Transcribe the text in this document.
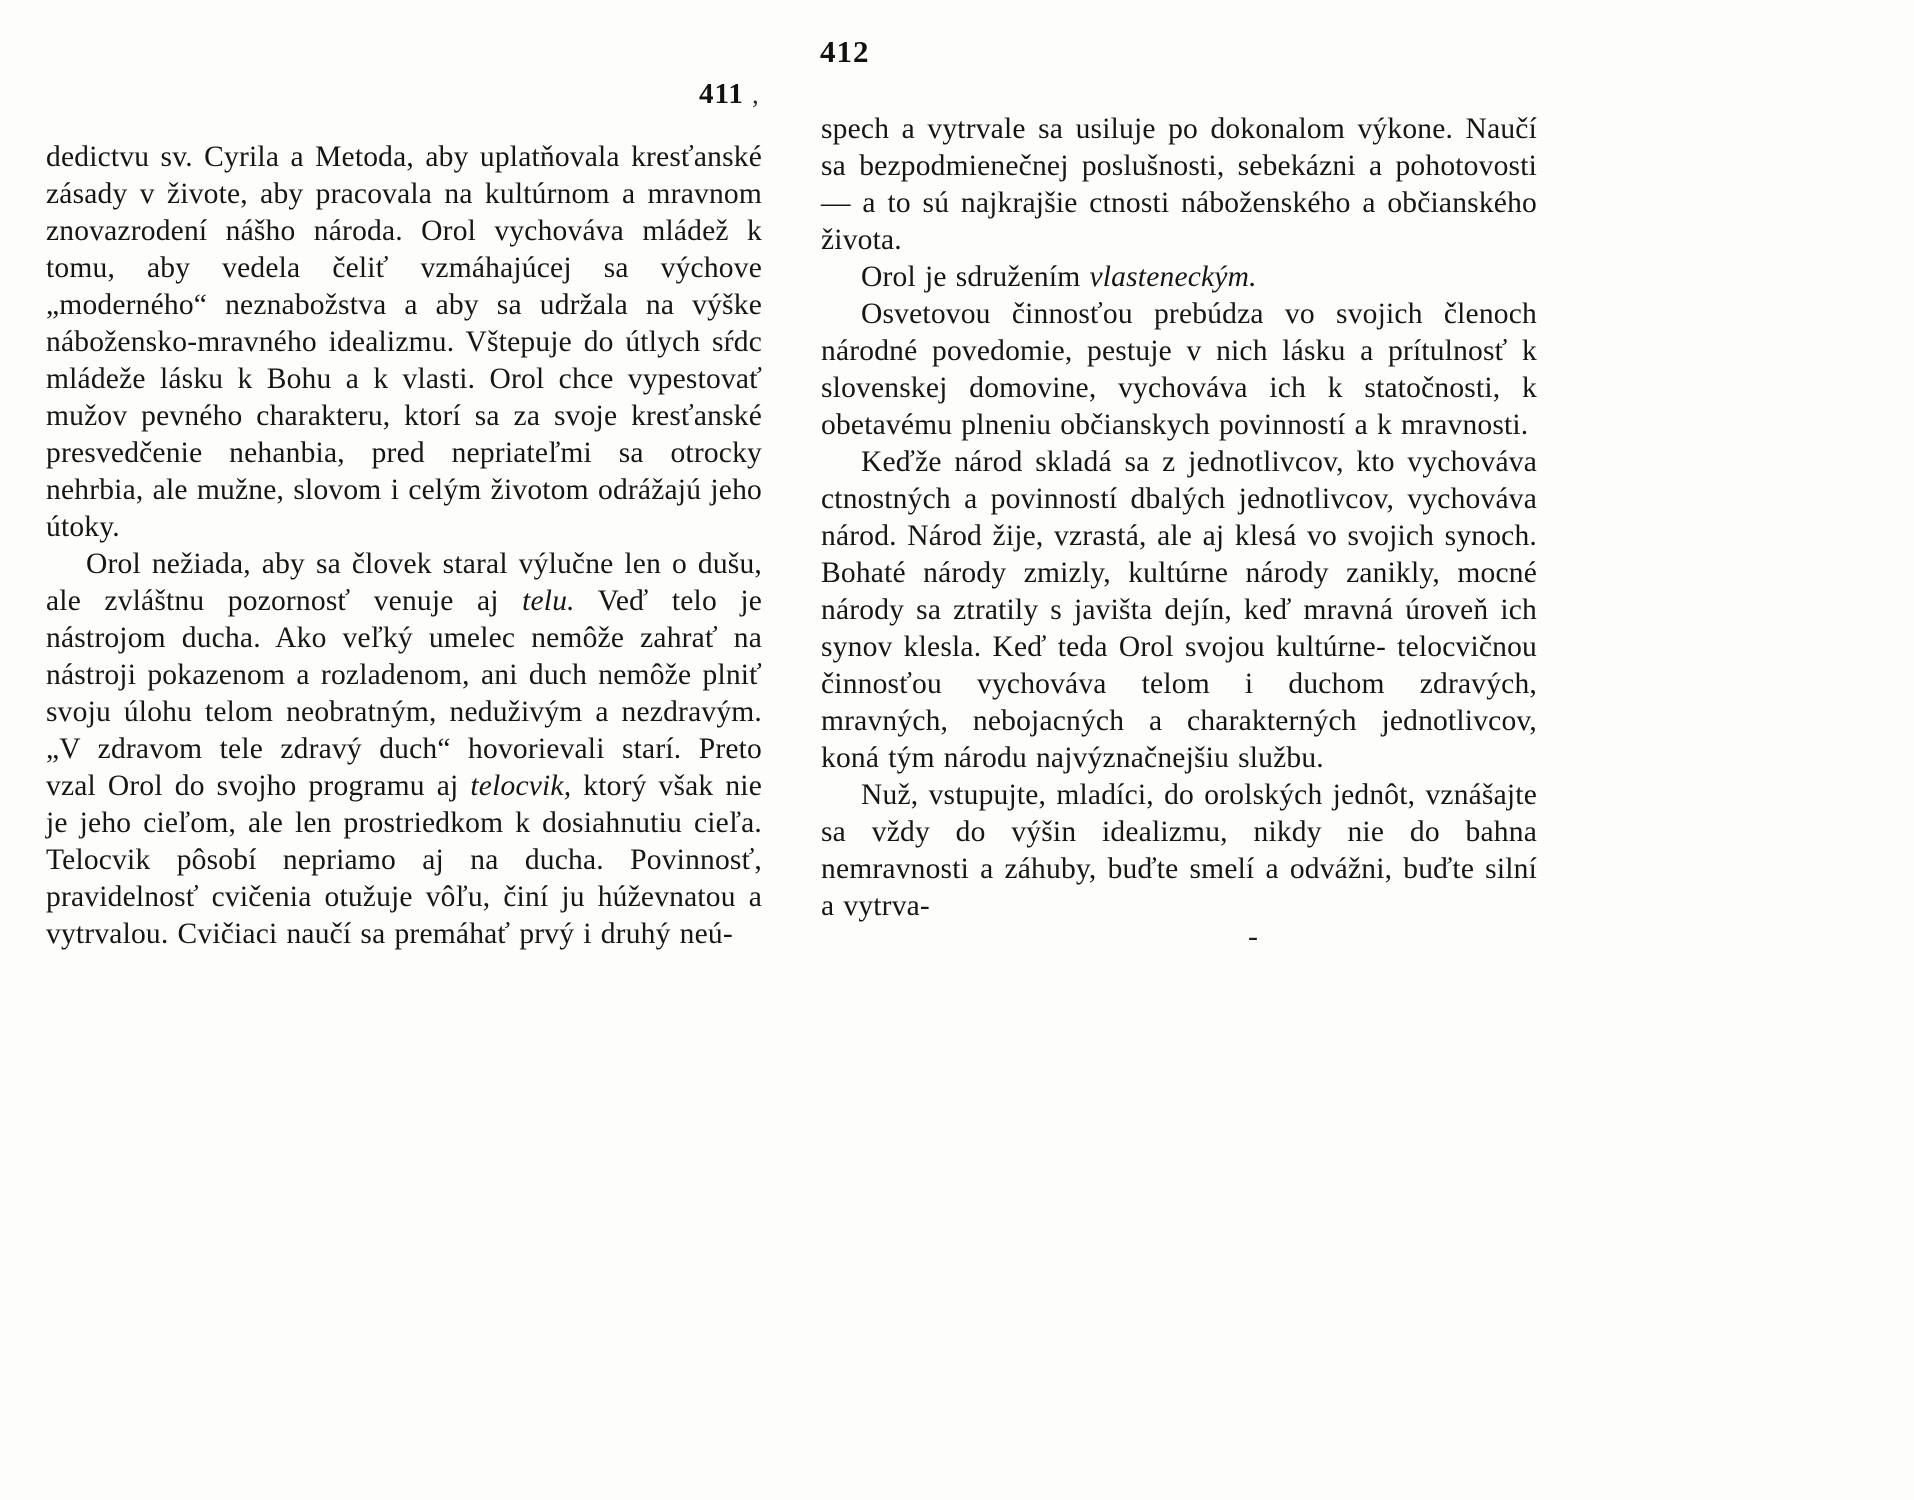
412
411 ,

dedictvu sv. Cyrila a Metoda, aby uplatňovala kresťanské zásady v živote, aby pracovala na kultúrnom a mravnom znovazrodení nášho národa. Orol vychováva mládež k tomu, aby vedela čeliť vzmáhajúcej sa výchove „moderného“ neznabožstva a aby sa udržala na výške nábožensko-mravného idealizmu. Vštepuje do útlych sŕdc mládeže lásku k Bohu a k vlasti. Orol chce vypestovať mužov pevného charakteru, ktorí sa za svoje kresťanské presvedčenie nehanbia, pred nepriateľmi sa otrocky nehrbia, ale mužne, slovom i celým životom odrážajú jeho útoky.

Orol nežiada, aby sa človek staral výlučne len o dušu, ale zvláštnu pozornosť venuje aj telu. Veď telo je nástrojom ducha. Ako veľký umelec nemôže zahrať na nástroji pokazenom a rozladenom, ani duch nemôže plniť svoju úlohu telom neobratným, neduživým a nezdravým. „V zdravom tele zdravý duch“ hovorievali starí. Preto vzal Orol do svojho programu aj telocvik, ktorý však nie je jeho cieľom, ale len prostriedkom k dosiahnutiu cieľa. Telocvik pôsobí nepriamo aj na ducha. Povinnosť, pravidelnosť cvičenia otužuje vôľu, činí ju húževnatou a vytrvalou. Cvičiaci naučí sa premáhať prvý i druhý neú-

spech a vytrvale sa usiluje po dokonalom výkone. Naučí sa bezpodmienečnej poslušnosti, sebekázni a pohotovosti — a to sú najkrajšie ctnosti náboženského a občianského života.

Orol je sdružením vlasteneckým.

Osvetovou činnosťou prebúdza vo svojich členoch národné povedomie, pestuje v nich lásku a prítulnosť k slovenskej domovine, vychováva ich k statočnosti, k obetavému plneniu občianskych povinností a k mravnosti.

Keďže národ skladá sa z jednotlivcov, kto vychováva ctnostných a povinností dbalých jednotlivcov, vychováva národ. Národ žije, vzrastá, ale aj klesá vo svojich synoch. Bohaté národy zmizly, kultúrne národy zanikly, mocné národy sa ztratily s javišta dejín, keď mravná úroveň ich synov klesla. Keď teda Orol svojou kultúrne- telocvičnou činnosťou vychováva telom i duchom zdravých, mravných, nebojacných a charakterných jednotlivcov, koná tým národu najvýznačnejšiu službu.

Nuž, vstupujte, mladíci, do orolských jednôt, vznášajte sa vždy do výšin idealizmu, nikdy nie do bahna nemravnosti a záhuby, buďte smelí a odvážni, buďte silní a vytrva-

-
